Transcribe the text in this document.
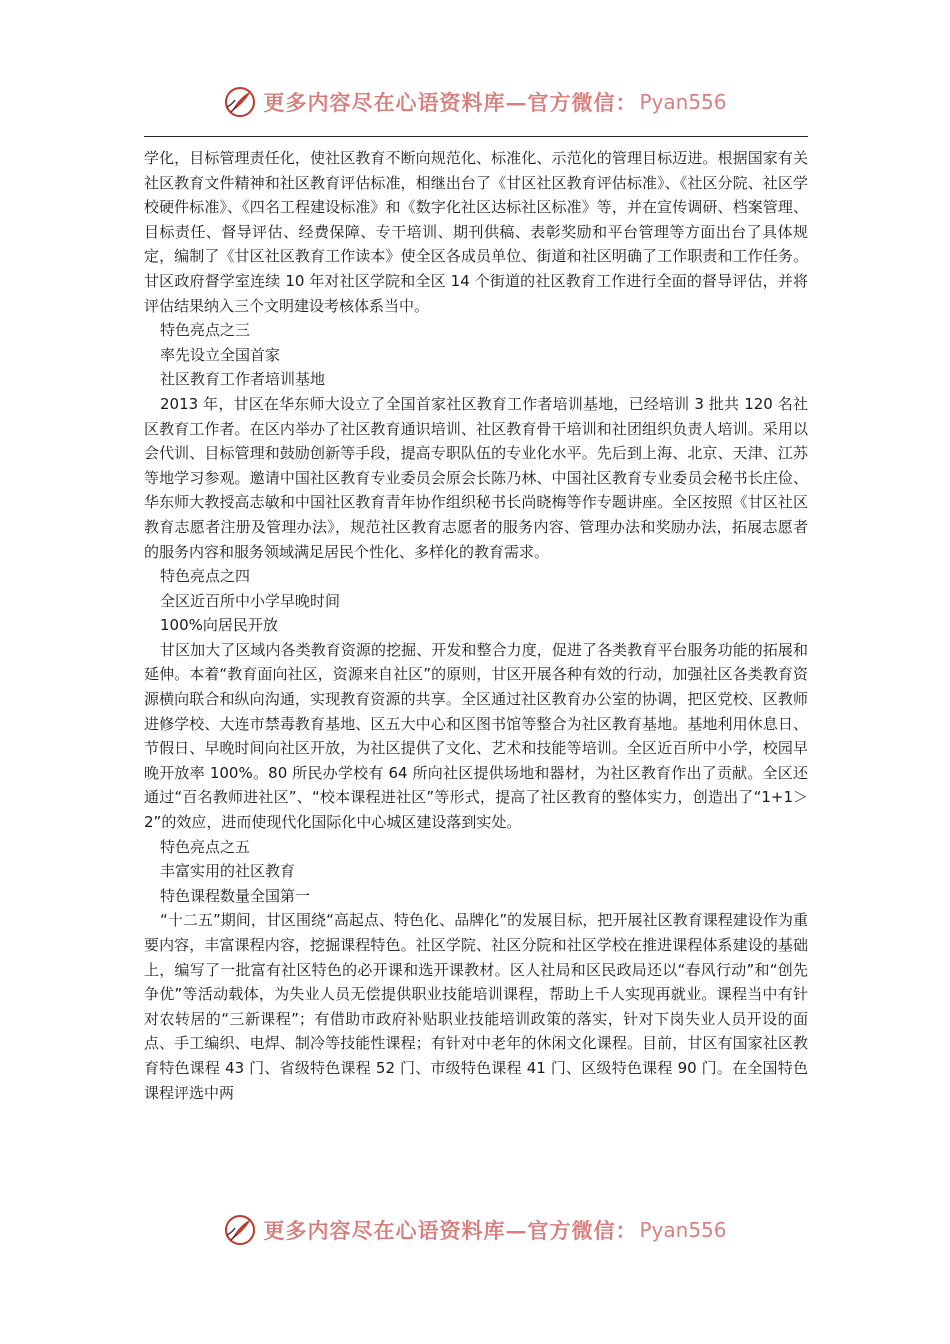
更多内容尽在心语资料库—官方微信： Pyan556

学化，目标管理责任化，使社区教育不断向规范化、标准化、示范化的管理目标迈进。根据国家有关社区教育文件精神和社区教育评估标准，相继出台了《甘区社区教育评估标准》、《社区分院、社区学校硬件标准》、《四名工程建设标准》和《数字化社区达标社区标准》等，并在宣传调研、档案管理、目标责任、督导评估、经费保障、专干培训、期刊供稿、表彰奖励和平台管理等方面出台了具体规定，编制了《甘区社区教育工作读本》使全区各成员单位、街道和社区明确了工作职责和工作任务。甘区政府督学室连续 10 年对社区学院和全区 14 个街道的社区教育工作进行全面的督导评估，并将评估结果纳入三个文明建设考核体系当中。

特色亮点之三

率先设立全国首家

社区教育工作者培训基地

2013 年，甘区在华东师大设立了全国首家社区教育工作者培训基地，已经培训 3 批共 120 名社区教育工作者。在区内举办了社区教育通识培训、社区教育骨干培训和社团组织负责人培训。采用以会代训、目标管理和鼓励创新等手段，提高专职队伍的专业化水平。先后到上海、北京、天津、江苏等地学习参观。邀请中国社区教育专业委员会原会长陈乃林、中国社区教育专业委员会秘书长庄俭、华东师大教授高志敏和中国社区教育青年协作组织秘书长尚晓梅等作专题讲座。全区按照《甘区社区教育志愿者注册及管理办法》，规范社区教育志愿者的服务内容、管理办法和奖励办法，拓展志愿者的服务内容和服务领域满足居民个性化、多样化的教育需求。

特色亮点之四

全区近百所中小学早晚时间

100%向居民开放

甘区加大了区域内各类教育资源的挖掘、开发和整合力度，促进了各类教育平台服务功能的拓展和延伸。本着“教育面向社区，资源来自社区”的原则，甘区开展各种有效的行动，加强社区各类教育资源横向联合和纵向沟通，实现教育资源的共享。全区通过社区教育办公室的协调，把区党校、区教师进修学校、大连市禁毒教育基地、区五大中心和区图书馆等整合为社区教育基地。基地利用休息日、节假日、早晚时间向社区开放，为社区提供了文化、艺术和技能等培训。全区近百所中小学，校园早晚开放率 100%。80 所民办学校有 64 所向社区提供场地和器材，为社区教育作出了贡献。全区还通过“百名教师进社区”、“校本课程进社区”等形式，提高了社区教育的整体实力，创造出了“1+1＞2”的效应，进而使现代化国际化中心城区建设落到实处。

特色亮点之五

丰富实用的社区教育

特色课程数量全国第一

“十二五”期间，甘区围绕“高起点、特色化、品牌化”的发展目标，把开展社区教育课程建设作为重要内容，丰富课程内容，挖掘课程特色。社区学院、社区分院和社区学校在推进课程体系建设的基础上，编写了一批富有社区特色的必开课和选开课教材。区人社局和区民政局还以“春风行动”和“创先争优”等活动载体，为失业人员无偿提供职业技能培训课程，帮助上千人实现再就业。课程当中有针对农转居的“三新课程”；有借助市政府补贴职业技能培训政策的落实，针对下岗失业人员开设的面点、手工编织、电焊、制冷等技能性课程；有针对中老年的休闲文化课程。目前，甘区有国家社区教育特色课程 43 门、省级特色课程 52 门、市级特色课程 41 门、区级特色课程 90 门。在全国特色课程评选中两

更多内容尽在心语资料库—官方微信： Pyan556
